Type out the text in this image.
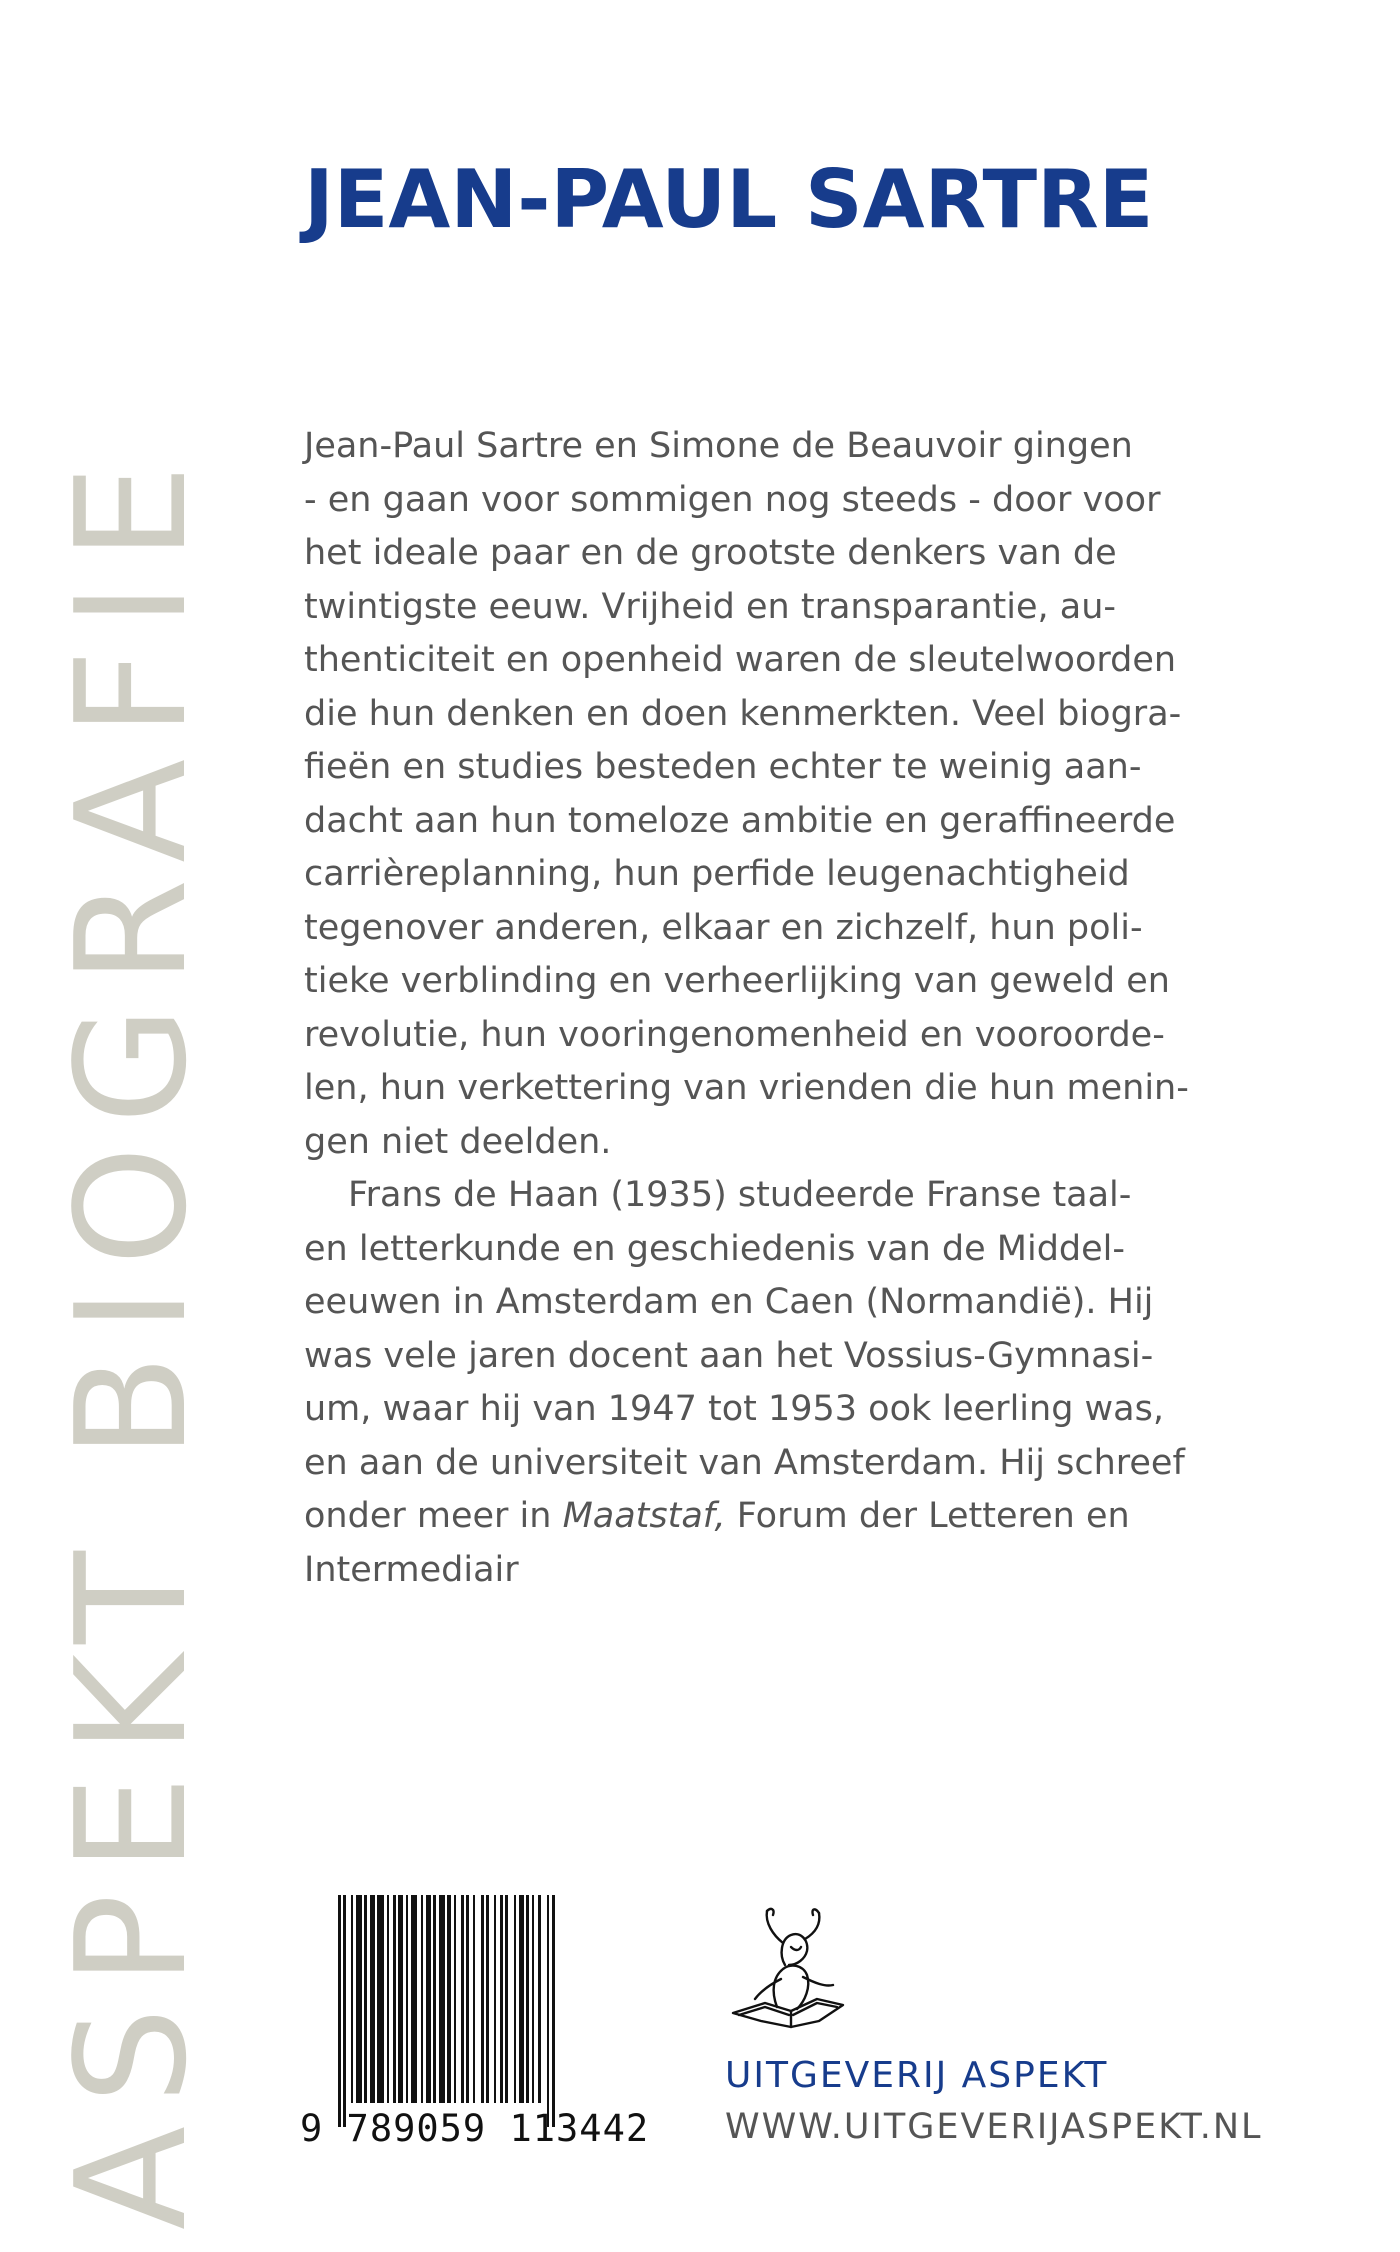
ASPEKT BIOGRAFIE
JEAN-PAUL SARTRE
Jean-Paul Sartre en Simone de Beauvoir gingen
- en gaan voor sommigen nog steeds - door voor
het ideale paar en de grootste denkers van de
twintigste eeuw. Vrijheid en transparantie, au-
thenticiteit en openheid waren de sleutelwoorden
die hun denken en doen kenmerkten. Veel biogra-
fieën en studies besteden echter te weinig aan-
dacht aan hun tomeloze ambitie en geraffineerde
carrièreplanning, hun perfide leugenachtigheid
tegenover anderen, elkaar en zichzelf, hun poli-
tieke verblinding en verheerlijking van geweld en
revolutie, hun vooringenomenheid en vooroorde-
len, hun verkettering van vrienden die hun menin-
gen niet deelden.
Frans de Haan (1935) studeerde Franse taal-
en letterkunde en geschiedenis van de Middel-
eeuwen in Amsterdam en Caen (Normandië). Hij
was vele jaren docent aan het Vossius-Gymnasi-
um, waar hij van 1947 tot 1953 ook leerling was,
en aan de universiteit van Amsterdam. Hij schreef
onder meer in Maatstaf, Forum der Letteren en
Intermediair
9 789059 113442
UITGEVERIJ ASPEKT
WWW.UITGEVERIJASPEKT.NL
